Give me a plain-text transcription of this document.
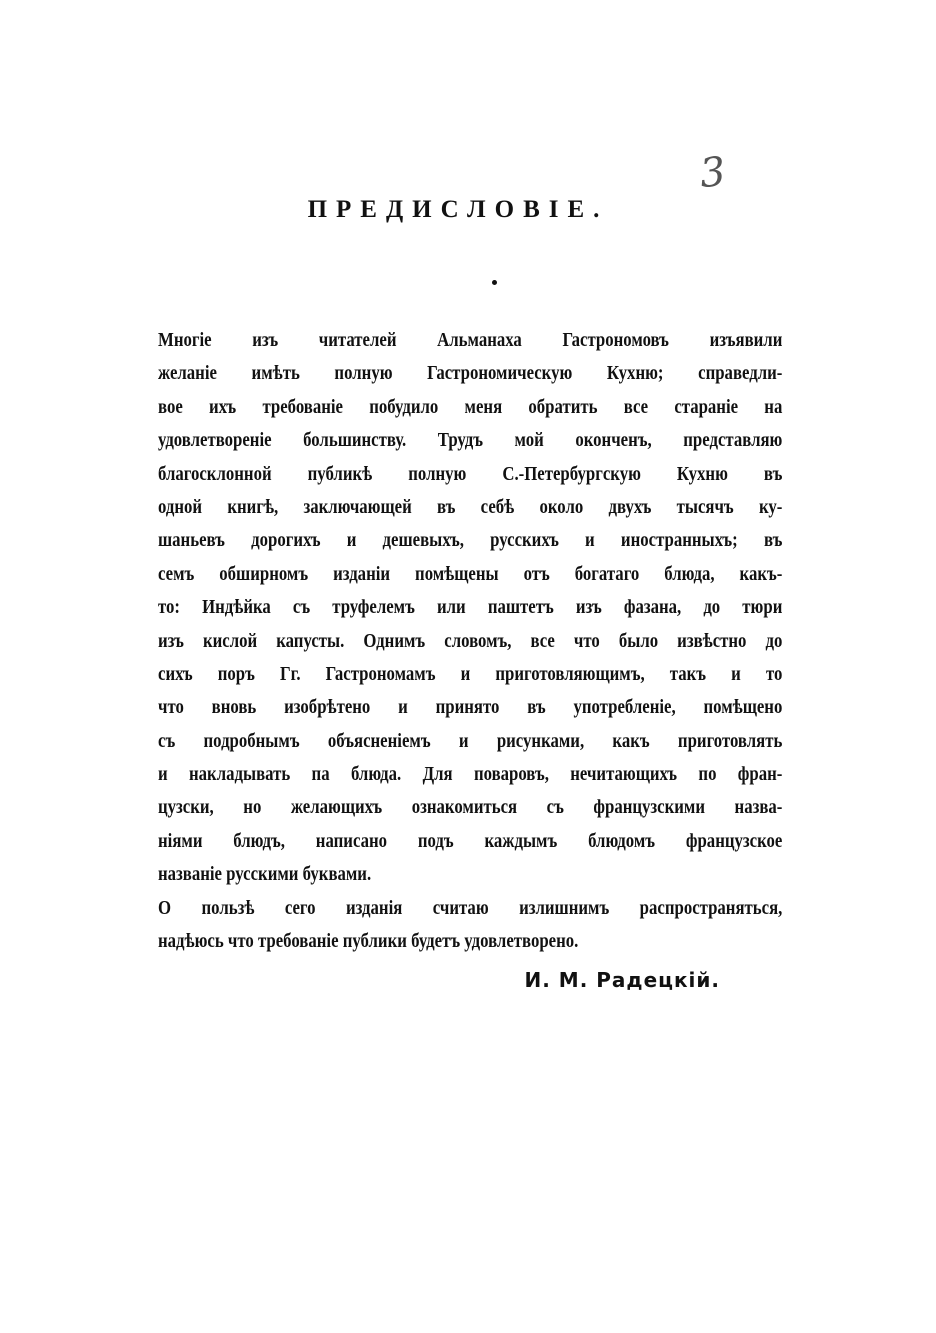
3
ПРЕДИСЛОВІЕ.
Многіе изъ читателей Альманаха Гастрономовъ изъявили
желаніе имѣть полную Гастрономическую Кухню; справедли-
вое ихъ требованіе побудило меня обратить все стараніе на
удовлетвореніе большинству. Трудъ мой оконченъ, представляю
благосклонной публикѣ полную С.-Петербургскую Кухню въ
одной книгѣ, заключающей въ себѣ около двухъ тысячъ ку-
шаньевъ дорогихъ и дешевыхъ, русскихъ и иностранныхъ; въ
семъ обширномъ изданіи помѣщены отъ богатаго блюда, какъ-
то: Индѣйка съ труфелемъ или паштетъ изъ фазана, до тюри
изъ кислой капусты. Однимъ словомъ, все что было извѣстно до
сихъ поръ Гг. Гастрономамъ и приготовляющимъ, такъ и то
что вновь изобрѣтено и принято въ употребленіе, помѣщено
съ подробнымъ объясненіемъ и рисунками, какъ приготовлять
и накладывать па блюда. Для поваровъ, нечитающихъ по фран-
цузски, но желающихъ ознакомиться съ французскими назва-
ніями блюдъ, написано подъ каждымъ блюдомъ французское
названіе русскими буквами.
О пользѣ сего изданія считаю излишнимъ распространяться,
надѣюсь что требованіе публики будетъ удовлетворено.
И. М. Радецкій.
